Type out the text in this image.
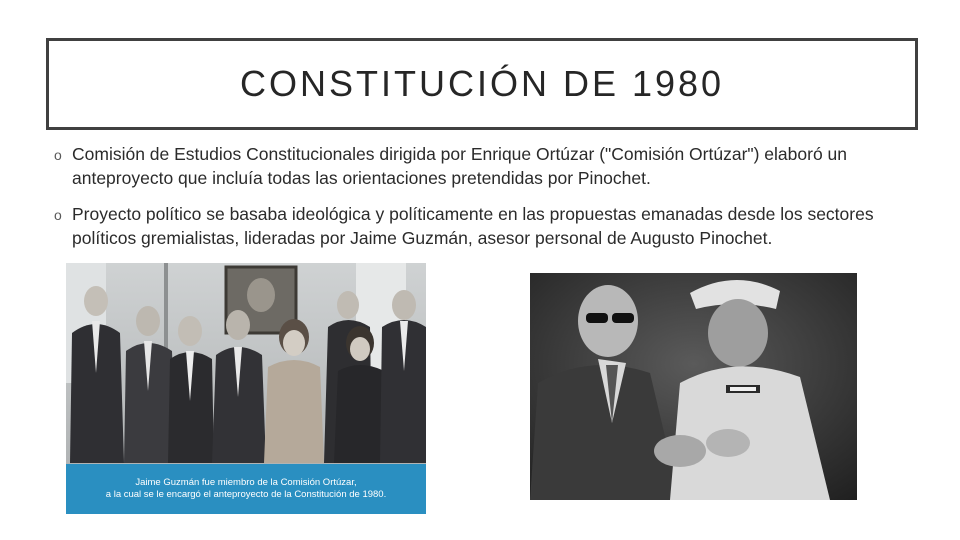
CONSTITUCIÓN DE 1980
o Comisión de Estudios Constitucionales dirigida por Enrique Ortúzar ("Comisión Ortúzar") elaboró un anteproyecto que incluía todas las orientaciones pretendidas por Pinochet.
o Proyecto político se basaba ideológica y políticamente en las propuestas emanadas desde los sectores políticos gremialistas, lideradas por Jaime Guzmán, asesor personal de Augusto Pinochet.
Jaime Guzmán fue miembro de la Comisión Ortúzar,
a la cual se le encargó el anteproyecto de la Constitución de 1980.
